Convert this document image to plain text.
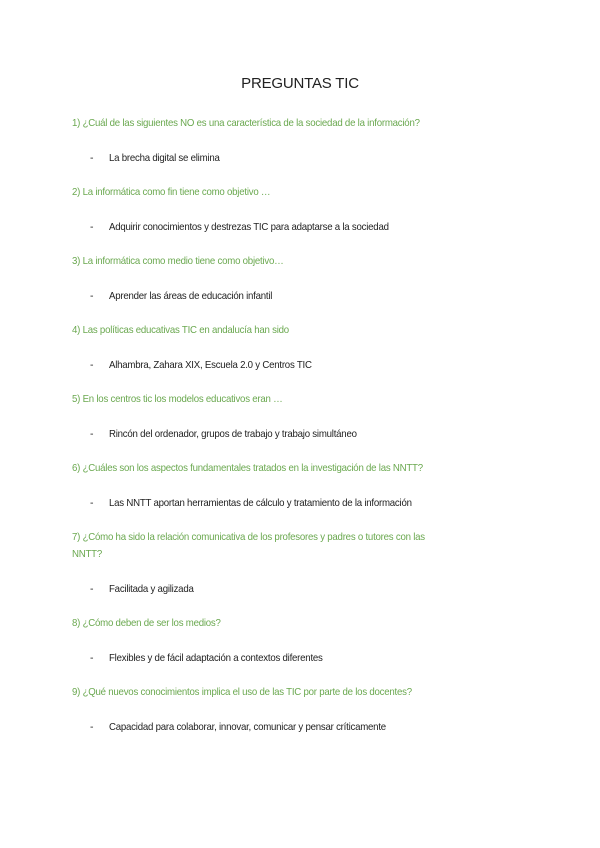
PREGUNTAS TIC
1) ¿Cuál de las siguientes NO es una característica de la sociedad de la información?
- La brecha digital se elimina
2) La informática como fin tiene como objetivo …
- Adquirir conocimientos y destrezas TIC para adaptarse a la sociedad
3) La informática como medio tiene como objetivo…
- Aprender las áreas de educación infantil
4) Las políticas educativas TIC en andalucía han sido
- Alhambra, Zahara XIX, Escuela 2.0 y Centros TIC
5) En los centros tic los modelos educativos eran …
- Rincón del ordenador, grupos de trabajo y trabajo simultáneo
6) ¿Cuáles son los aspectos fundamentales tratados en la investigación de las NNTT?
- Las NNTT aportan herramientas de cálculo y tratamiento de la información
7) ¿Cómo ha sido la relación comunicativa de los profesores y padres o tutores con las NNTT?
- Facilitada y agilizada
8) ¿Cómo deben de ser los medios?
- Flexibles y de fácil adaptación a contextos diferentes
9) ¿Qué nuevos conocimientos implica el uso de las TIC por parte de los docentes?
- Capacidad para colaborar, innovar, comunicar y pensar críticamente
